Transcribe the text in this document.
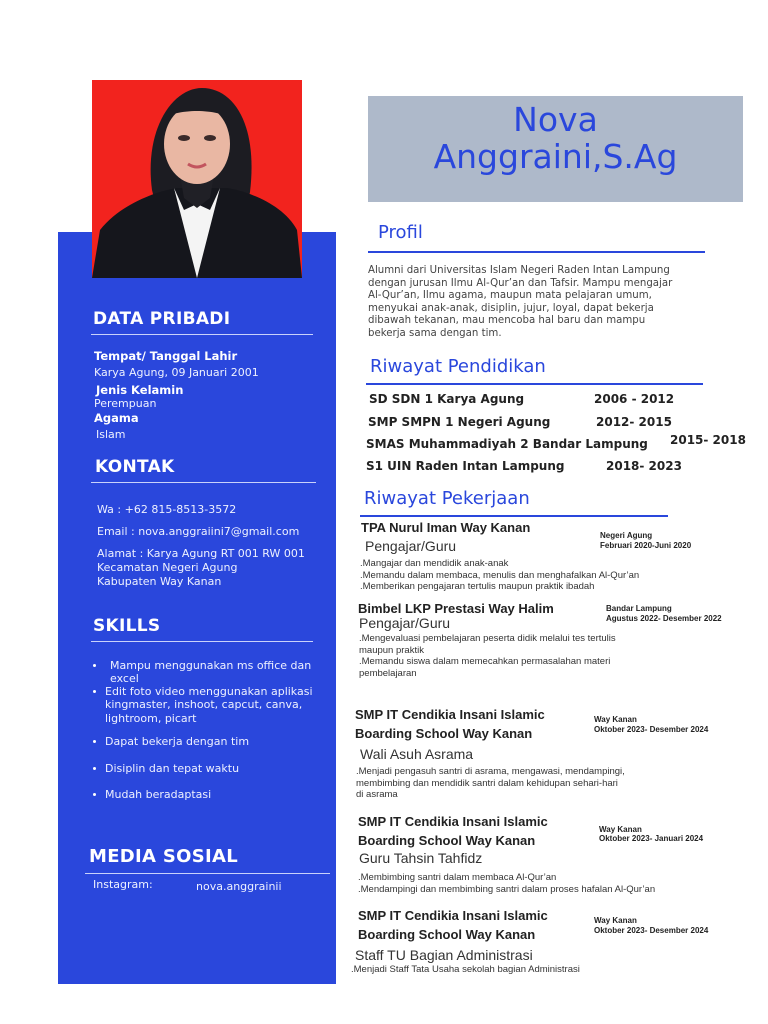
DATA PRIBADI
Tempat/ Tanggal Lahir
Karya Agung, 09 Januari 2001
Jenis Kelamin
Perempuan
Agama
Islam
KONTAK
Wa : +62 815-8513-3572
Email : nova.anggraiini7@gmail.com
Alamat : Karya Agung RT 001 RW 001
Kecamatan Negeri Agung
Kabupaten Way Kanan
SKILLS
Mampu menggunakan ms office dan
excel
Edit foto video menggunakan aplikasi
kingmaster, inshoot, capcut, canva,
lightroom, picart
Dapat bekerja dengan tim
Disiplin dan tepat waktu
Mudah beradaptasi
MEDIA SOSIAL
Instagram:	nova.anggrainii
Nova
Anggraini,S.Ag
Profil
Alumni dari Universitas Islam Negeri Raden Intan Lampung
dengan jurusan Ilmu Al-Qur’an dan Tafsir. Mampu mengajar
Al-Qur’an, Ilmu agama, maupun mata pelajaran umum,
menyukai anak-anak, disiplin, jujur, loyal, dapat bekerja
dibawah tekanan, mau mencoba hal baru dan mampu
bekerja sama dengan tim.
Riwayat Pendidikan
SD SDN 1 Karya Agung	2006 - 2012
SMP SMPN 1 Negeri Agung	2012- 2015
SMAS Muhammadiyah 2 Bandar Lampung 2015- 2018
S1 UIN Raden Intan Lampung	2018- 2023
Riwayat Pekerjaan
TPA Nurul Iman Way Kanan
Pengajar/Guru
Negeri Agung
Februari 2020-Juni 2020
.Mangajar dan mendidik anak-anak
.Memandu dalam membaca, menulis dan menghafalkan Al-Qur’an
.Memberikan pengajaran tertulis maupun praktik ibadah
Bimbel LKP Prestasi Way Halim
Pengajar/Guru
Bandar Lampung
Agustus 2022- Desember 2022
.Mengevaluasi pembelajaran peserta didik melalui tes tertulis
maupun praktik
.Memandu siswa dalam memecahkan permasalahan materi
pembelajaran
SMP IT Cendikia Insani Islamic
Boarding School Way Kanan
Wali Asuh Asrama
Way Kanan
Oktober 2023- Desember 2024
.Menjadi pengasuh santri di asrama, mengawasi, mendampingi,
membimbing dan mendidik santri dalam kehidupan sehari-hari
di asrama
SMP IT Cendikia Insani Islamic
Boarding School Way Kanan
Guru Tahsin Tahfidz
Way Kanan
Oktober 2023- Januari 2024
.Membimbing santri dalam membaca Al-Qur’an
.Mendampingi dan membimbing santri dalam proses hafalan Al-Qur’an
SMP IT Cendikia Insani Islamic
Boarding School Way Kanan
Staff TU Bagian Administrasi
Way Kanan
Oktober 2023- Desember 2024
.Menjadi Staff Tata Usaha sekolah bagian Administrasi
